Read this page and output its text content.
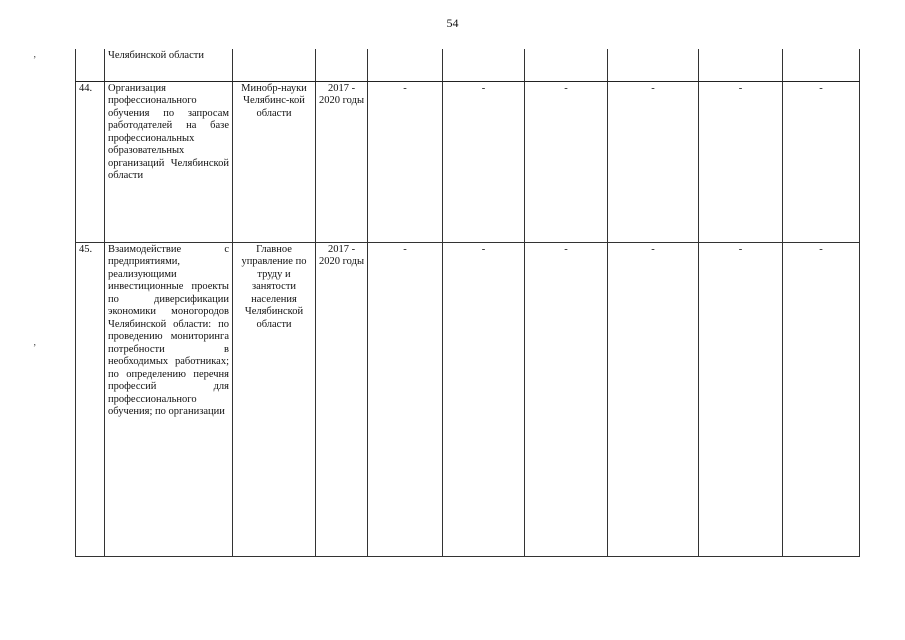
54
’
’
	Челябинской области								
44.	Организация профессионального обучения по запросам работодателей на базе профессиональных образовательных организаций Челябинской области	Минобр-науки Челябинс-кой области	2017 - 2020 годы	-	-	-	-	-	-
45.	Взаимодействие с предприятиями, реализующими инвестиционные проекты по диверсификации экономики моногородов Челябинской области: по проведению мониторинга потребности в необходимых работниках; по определению перечня профессий для профессионального обучения; по организации	Главное управление по труду и занятости населения Челябинской области	2017 - 2020 годы	-	-	-	-	-	-
